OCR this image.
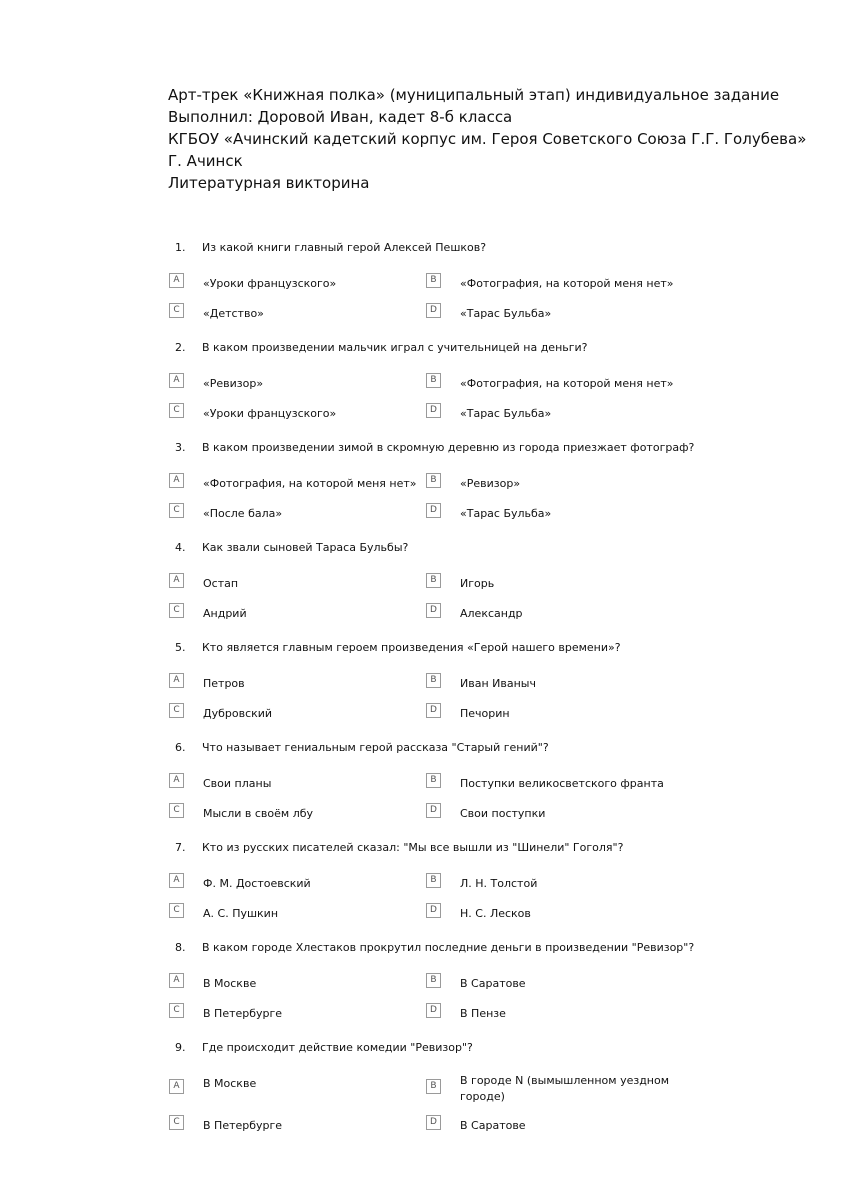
Арт-трек «Книжная полка» (муниципальный этап) индивидуальное задание
Выполнил: Доровой Иван, кадет 8-б класса
КГБОУ «Ачинский кадетский корпус им. Героя Советского Союза Г.Г. Голубева»
Г. Ачинск
Литературная викторина
1. Из какой книги главный герой Алексей Пешков?
A	«Уроки французского»	B	«Фотография, на которой меня нет»
C	«Детство»	D	«Тарас Бульба»
2. В каком произведении мальчик играл с учительницей на деньги?
A	«Ревизор»	B	«Фотография, на которой меня нет»
C	«Уроки французского»	D	«Тарас Бульба»
3. В каком произведении зимой в скромную деревню из города приезжает фотограф?
A	«Фотография, на которой меня нет»	B	«Ревизор»
C	«После бала»	D	«Тарас Бульба»
4. Как звали сыновей Тараса Бульбы?
A	Остап	B	Игорь
C	Андрий	D	Александр
5. Кто является главным героем произведения «Герой нашего времени»?
A	Петров	B	Иван Иваныч
C	Дубровский	D	Печорин
6. Что называет гениальным герой рассказа "Старый гений"?
A	Свои планы	B	Поступки великосветского франта
C	Мысли в своём лбу	D	Свои поступки
7. Кто из русских писателей сказал: "Мы все вышли из "Шинели" Гоголя"?
A	Ф. М. Достоевский	B	Л. Н. Толстой
C	А. С. Пушкин	D	Н. С. Лесков
8. В каком городе Хлестаков прокрутил последние деньги в произведении "Ревизор"?
A	В Москве	B	В Саратове
C	В Петербурге	D	В Пензе
9. Где происходит действие комедии "Ревизор"?
A	В Москве	B	В городе N (вымышленном уездном городе)
C	В Петербурге	D	В Саратове
